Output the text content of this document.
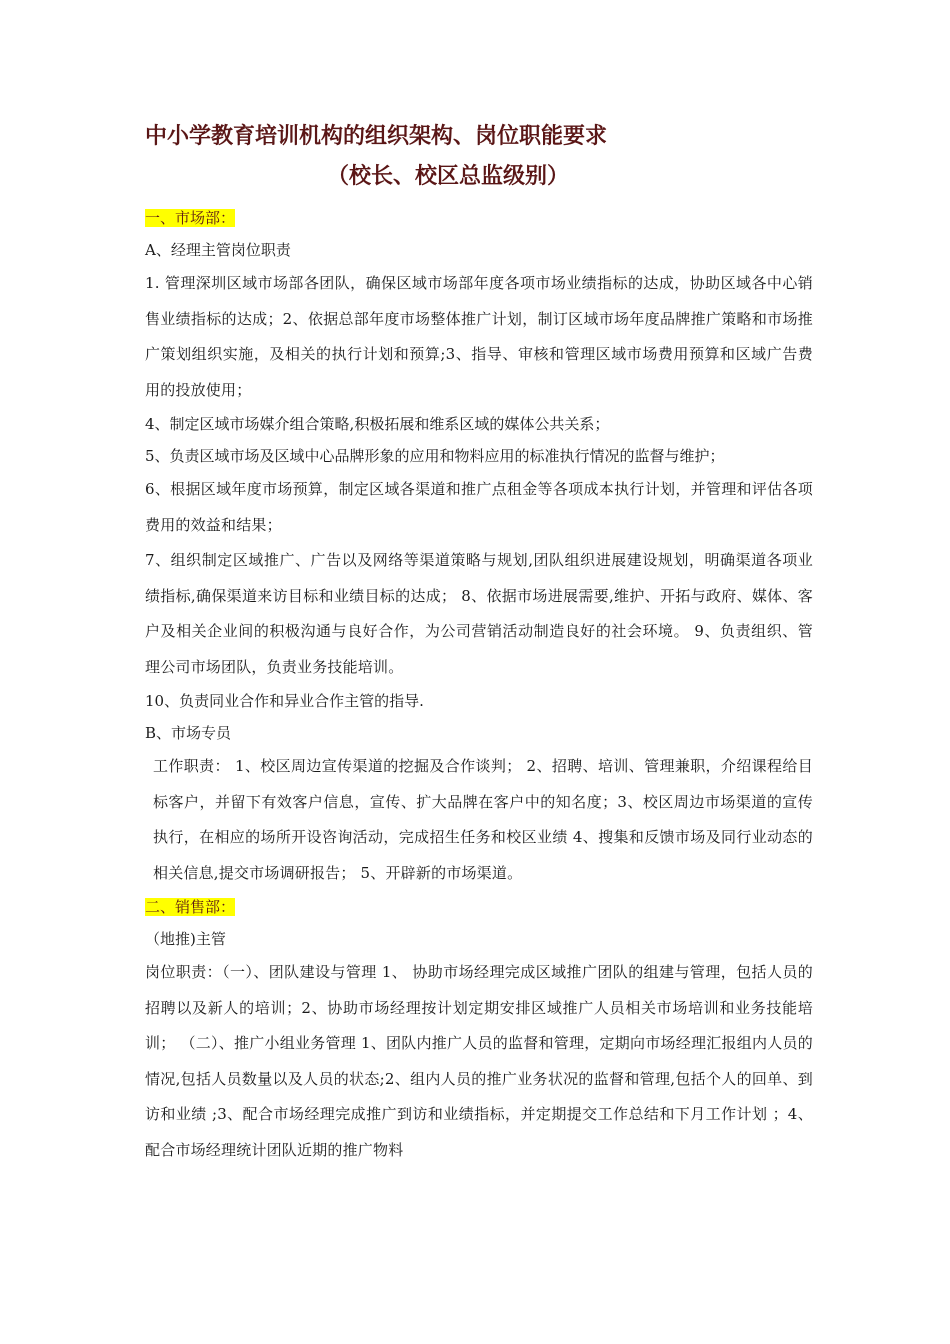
中小学教育培训机构的组织架构、岗位职能要求
（校长、校区总监级别）

一、市场部：

A、经理主管岗位职责

1. 管理深圳区域市场部各团队，确保区域市场部年度各项市场业绩指标的达成，协助区域各中心销售业绩指标的达成；2、依据总部年度市场整体推广计划，制订区域市场年度品牌推广策略和市场推广策划组织实施，及相关的执行计划和预算;3、指导、审核和管理区域市场费用预算和区域广告费用的投放使用；

4、制定区域市场媒介组合策略,积极拓展和维系区域的媒体公共关系；

5、负责区域市场及区域中心品牌形象的应用和物料应用的标准执行情况的监督与维护；

6、根据区域年度市场预算，制定区域各渠道和推广点租金等各项成本执行计划，并管理和评估各项费用的效益和结果；

7、组织制定区域推广、广告以及网络等渠道策略与规划,团队组织进展建设规划，明确渠道各项业绩指标,确保渠道来访目标和业绩目标的达成； 8、依据市场进展需要,维护、开拓与政府、媒体、客户及相关企业间的积极沟通与良好合作，为公司营销活动制造良好的社会环境。 9、负责组织、管理公司市场团队，负责业务技能培训。

10、负责同业合作和异业合作主管的指导.

B、市场专员

工作职责： 1、校区周边宣传渠道的挖掘及合作谈判； 2、招聘、培训、管理兼职，介绍课程给目标客户，并留下有效客户信息，宣传、扩大品牌在客户中的知名度；3、校区周边市场渠道的宣传执行，在相应的场所开设咨询活动，完成招生任务和校区业绩 4、搜集和反馈市场及同行业动态的相关信息,提交市场调研报告； 5、开辟新的市场渠道。

二、销售部：

（地推)主管

岗位职责：（一）、团队建设与管理 1、 协助市场经理完成区域推广团队的组建与管理，包括人员的招聘以及新人的培训；2、协助市场经理按计划定期安排区域推广人员相关市场培训和业务技能培训； （二）、推广小组业务管理 1、团队内推广人员的监督和管理，定期向市场经理汇报组内人员的情况,包括人员数量以及人员的状态;2、组内人员的推广业务状况的监督和管理,包括个人的回单、到访和业绩 ;3、配合市场经理完成推广到访和业绩指标，并定期提交工作总结和下月工作计划 ；4、配合市场经理统计团队近期的推广物料
